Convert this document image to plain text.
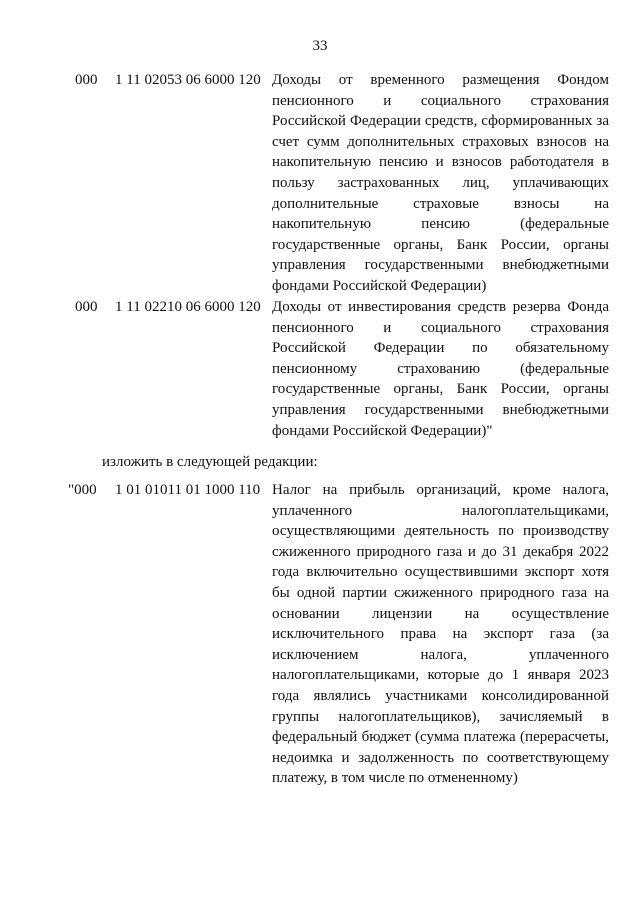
33
000 1 11 02053 06 6000 120 Доходы от временного размещения Фондом пенсионного и социального страхования Российской Федерации средств, сформированных за счет сумм дополнительных страховых взносов на накопительную пенсию и взносов работодателя в пользу застрахованных лиц, уплачивающих дополнительные страховые взносы на накопительную пенсию (федеральные государственные органы, Банк России, органы управления государственными внебюджетными фондами Российской Федерации)
000 1 11 02210 06 6000 120 Доходы от инвестирования средств резерва Фонда пенсионного и социального страхования Российской Федерации по обязательному пенсионному страхованию (федеральные государственные органы, Банк России, органы управления государственными внебюджетными фондами Российской Федерации)"
изложить в следующей редакции:
"000 1 01 01011 01 1000 110 Налог на прибыль организаций, кроме налога, уплаченного налогоплательщиками, осуществляющими деятельность по производству сжиженного природного газа и до 31 декабря 2022 года включительно осуществившими экспорт хотя бы одной партии сжиженного природного газа на основании лицензии на осуществление исключительного права на экспорт газа (за исключением налога, уплаченного налогоплательщиками, которые до 1 января 2023 года являлись участниками консолидированной группы налогоплательщиков), зачисляемый в федеральный бюджет (сумма платежа (перерасчеты, недоимка и задолженность по соответствующему платежу, в том числе по отмененному)
